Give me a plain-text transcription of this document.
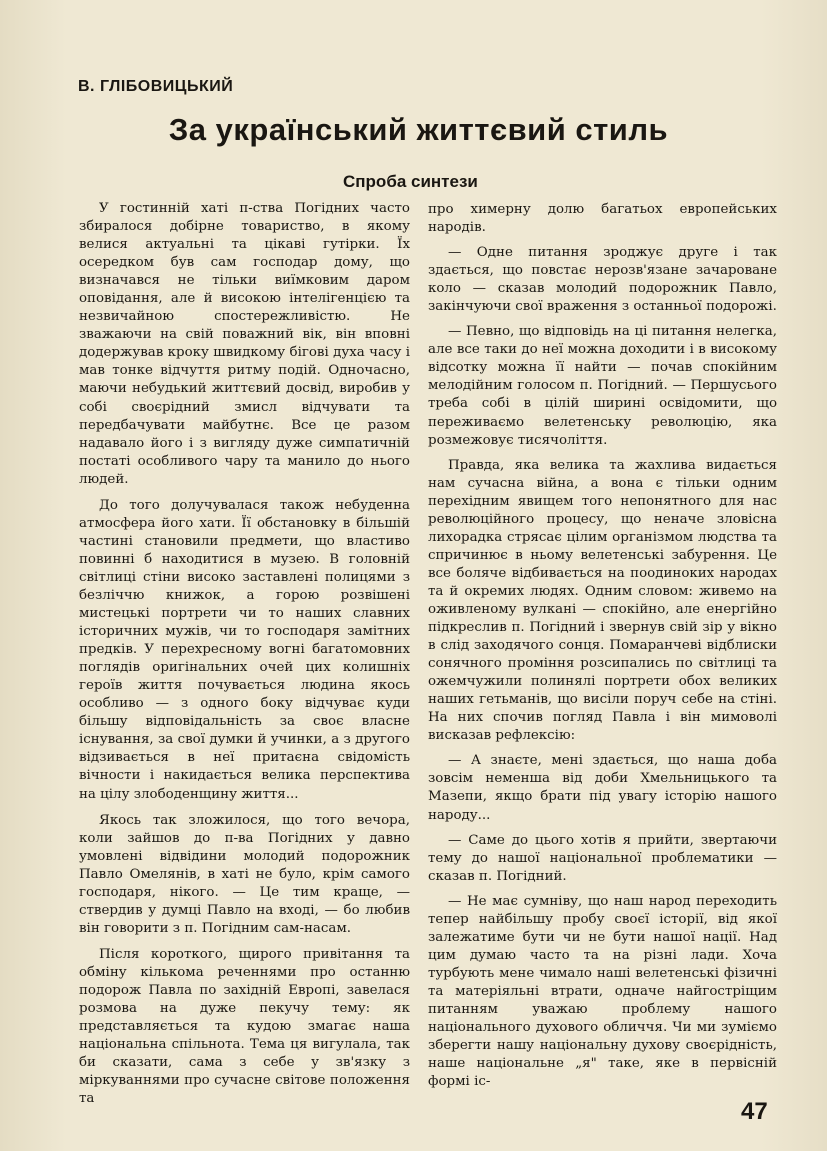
В. ГЛІБОВИЦЬКИЙ
За український життєвий стиль
Спроба синтези

У гостинній хаті п-ства Погідних часто збиралося добірне товариство, в якому велися актуальні та цікаві гутірки. Їх осередком був сам господар дому, що визначався не тільки виїмковим даром оповідання, але й високою інтелігенцією та незвичайною спостережливістю. Не зважаючи на свій поважний вік, він вповні додержував кроку швидкому бігові духа часу і мав тонке відчуття ритму подій. Одночасно, маючи небудький життєвий досвід, виробив у собі своєрідний змисл відчувати та передбачувати майбутнє. Все це разом надавало його і з вигляду дуже симпатичній постаті особливого чару та манило до нього людей.

До того долучувалася також небуденна атмосфера його хати. Її обстановку в більшій частині становили предмети, що властиво повинні б находитися в музею. В головній світлиці стіни високо заставлені полицями з безліччю книжок, а горою розвішені мистецькі портрети чи то наших славних історичних мужів, чи то господаря замітних предків. У перехресному вогні багатомовних поглядів оригінальних очей цих колишніх героїв життя почувається людина якось особливо — з одного боку відчуває куди більшу відповідальність за своє власне існування, за свої думки й учинки, а з другого відзивається в неї притаєна свідомість вічности і накидається велика перспектива на цілу злободенщину життя...

Якось так зложилося, що того вечора, коли зайшов до п-ва Погідних у давно умовлені відвідини молодий подорожник Павло Омелянів, в хаті не було, крім самого господаря, нікого. — Це тим краще, — ствердив у думці Павло на вході, — бо любив він говорити з п. Погідним сам-насам.

Після короткого, щирого привітання та обміну кількома реченнями про останню подорож Павла по західній Европі, завелася розмова на дуже пекучу тему: як представляється та кудою змагає наша національна спільнота. Тема ця вигулала, так би сказати, сама з себе у зв'язку з міркуваннями про сучасне світове положення та

про химерну долю багатьох европейських народів.

— Одне питання зроджує друге і так здається, що повстає нерозв'язане зачароване коло — сказав молодий подорожник Павло, закінчуючи свої враження з останньої подорожі.

— Певно, що відповідь на ці питання нелегка, але все таки до неї можна доходити і в високому відсотку можна її найти — почав спокійним мелодійним голосом п. Погідний. — Першусього треба собі в цілій ширині освідомити, що переживаємо велетенську революцію, яка розмежовує тисячоліття.

Правда, яка велика та жахлива видається нам сучасна війна, а вона є тільки одним перехідним явищем того непонятного для нас революційного процесу, що неначе зловісна лихорадка стрясає цілим організмом людства та спричинює в ньому велетенські забурення. Це все боляче відбивається на поодиноких народах та й окремих людях. Одним словом: живемо на оживленому вулкані — спокійно, але енергійно підкреслив п. Погідний і звернув свій зір у вікно в слід заходячого сонця. Помаранчеві відблиски сонячного проміння розсипались по світлиці та ожемчужили полинялі портрети обох великих наших гетьманів, що висіли поруч себе на стіні. На них спочив погляд Павла і він мимоволі висказав рефлексію:

— А знаєте, мені здається, що наша доба зовсім неменша від доби Хмельницького та Мазепи, якщо брати під увагу історію нашого народу...

— Саме до цього хотів я прийти, звертаючи тему до нашої національної проблематики — сказав п. Погідний.

— Не має сумніву, що наш народ переходить тепер найбільшу пробу своєї історії, від якої залежатиме бути чи не бути нашої нації. Над цим думаю часто та на різні лади. Хоча турбують мене чимало наші велетенські фізичні та матеріяльні втрати, одначе найгостріщим питанням уважаю проблему нашого національного духового обличчя. Чи ми зуміємо зберегти нашу національну духову своєрідність, наше національне „я" таке, яке в первісній формі іс-

47
